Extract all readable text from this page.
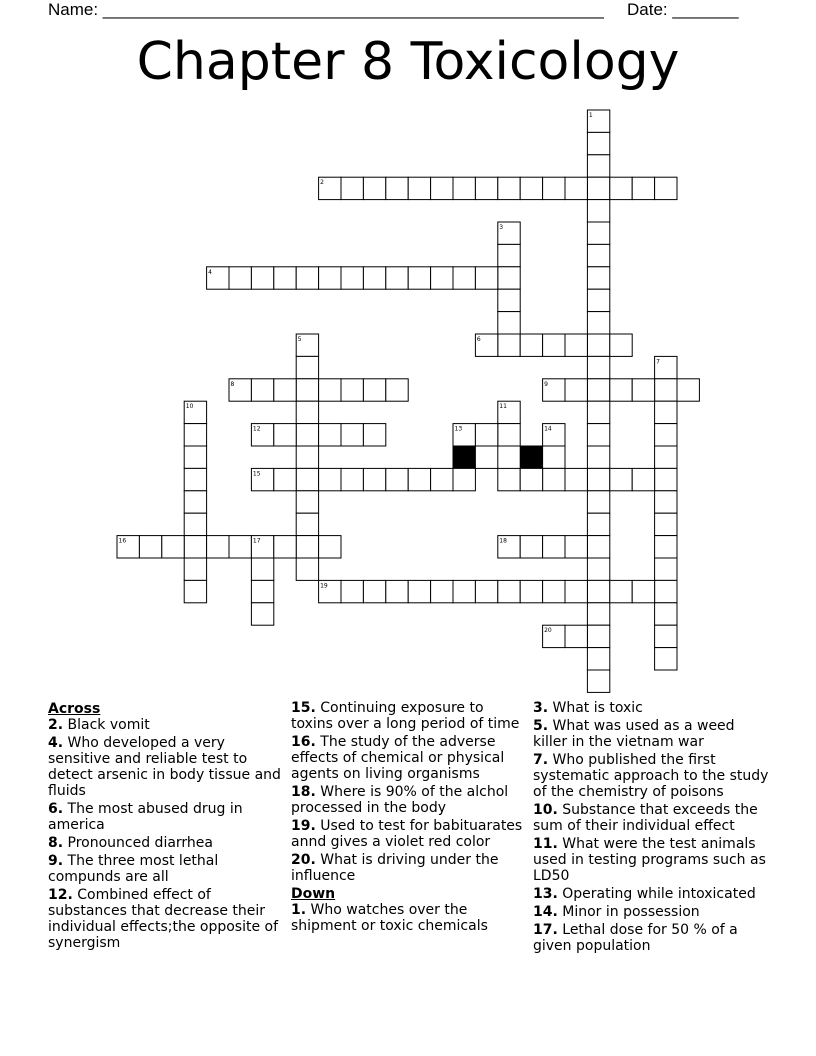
Name: _____________________________________________________ Date: _______
Chapter 8 Toxicology
1
2
3
4
6
5
7
8	9
10	11
12	13	14
15
16	17	18
19
20
Across
2. Black vomit
4. Who developed a very sensitive and reliable test to detect arsenic in body tissue and fluids
6. The most abused drug in america
8. Pronounced diarrhea
9. The three most lethal compunds are all
12. Combined effect of substances that decrease their individual effects;the opposite of synergism
15. Continuing exposure to toxins over a long period of time
16. The study of the adverse effects of chemical or physical agents on living organisms
18. Where is 90% of the alchol processed in the body
19. Used to test for babituarates annd gives a violet red color
20. What is driving under the influence
Down
1. Who watches over the shipment or toxic chemicals
3. What is toxic
5. What was used as a weed killer in the vietnam war
7. Who published the first systematic approach to the study of the chemistry of poisons
10. Substance that exceeds the sum of their individual effect
11. What were the test animals used in testing programs such as LD50
13. Operating while intoxicated
14. Minor in possession
17. Lethal dose for 50 % of a given population
